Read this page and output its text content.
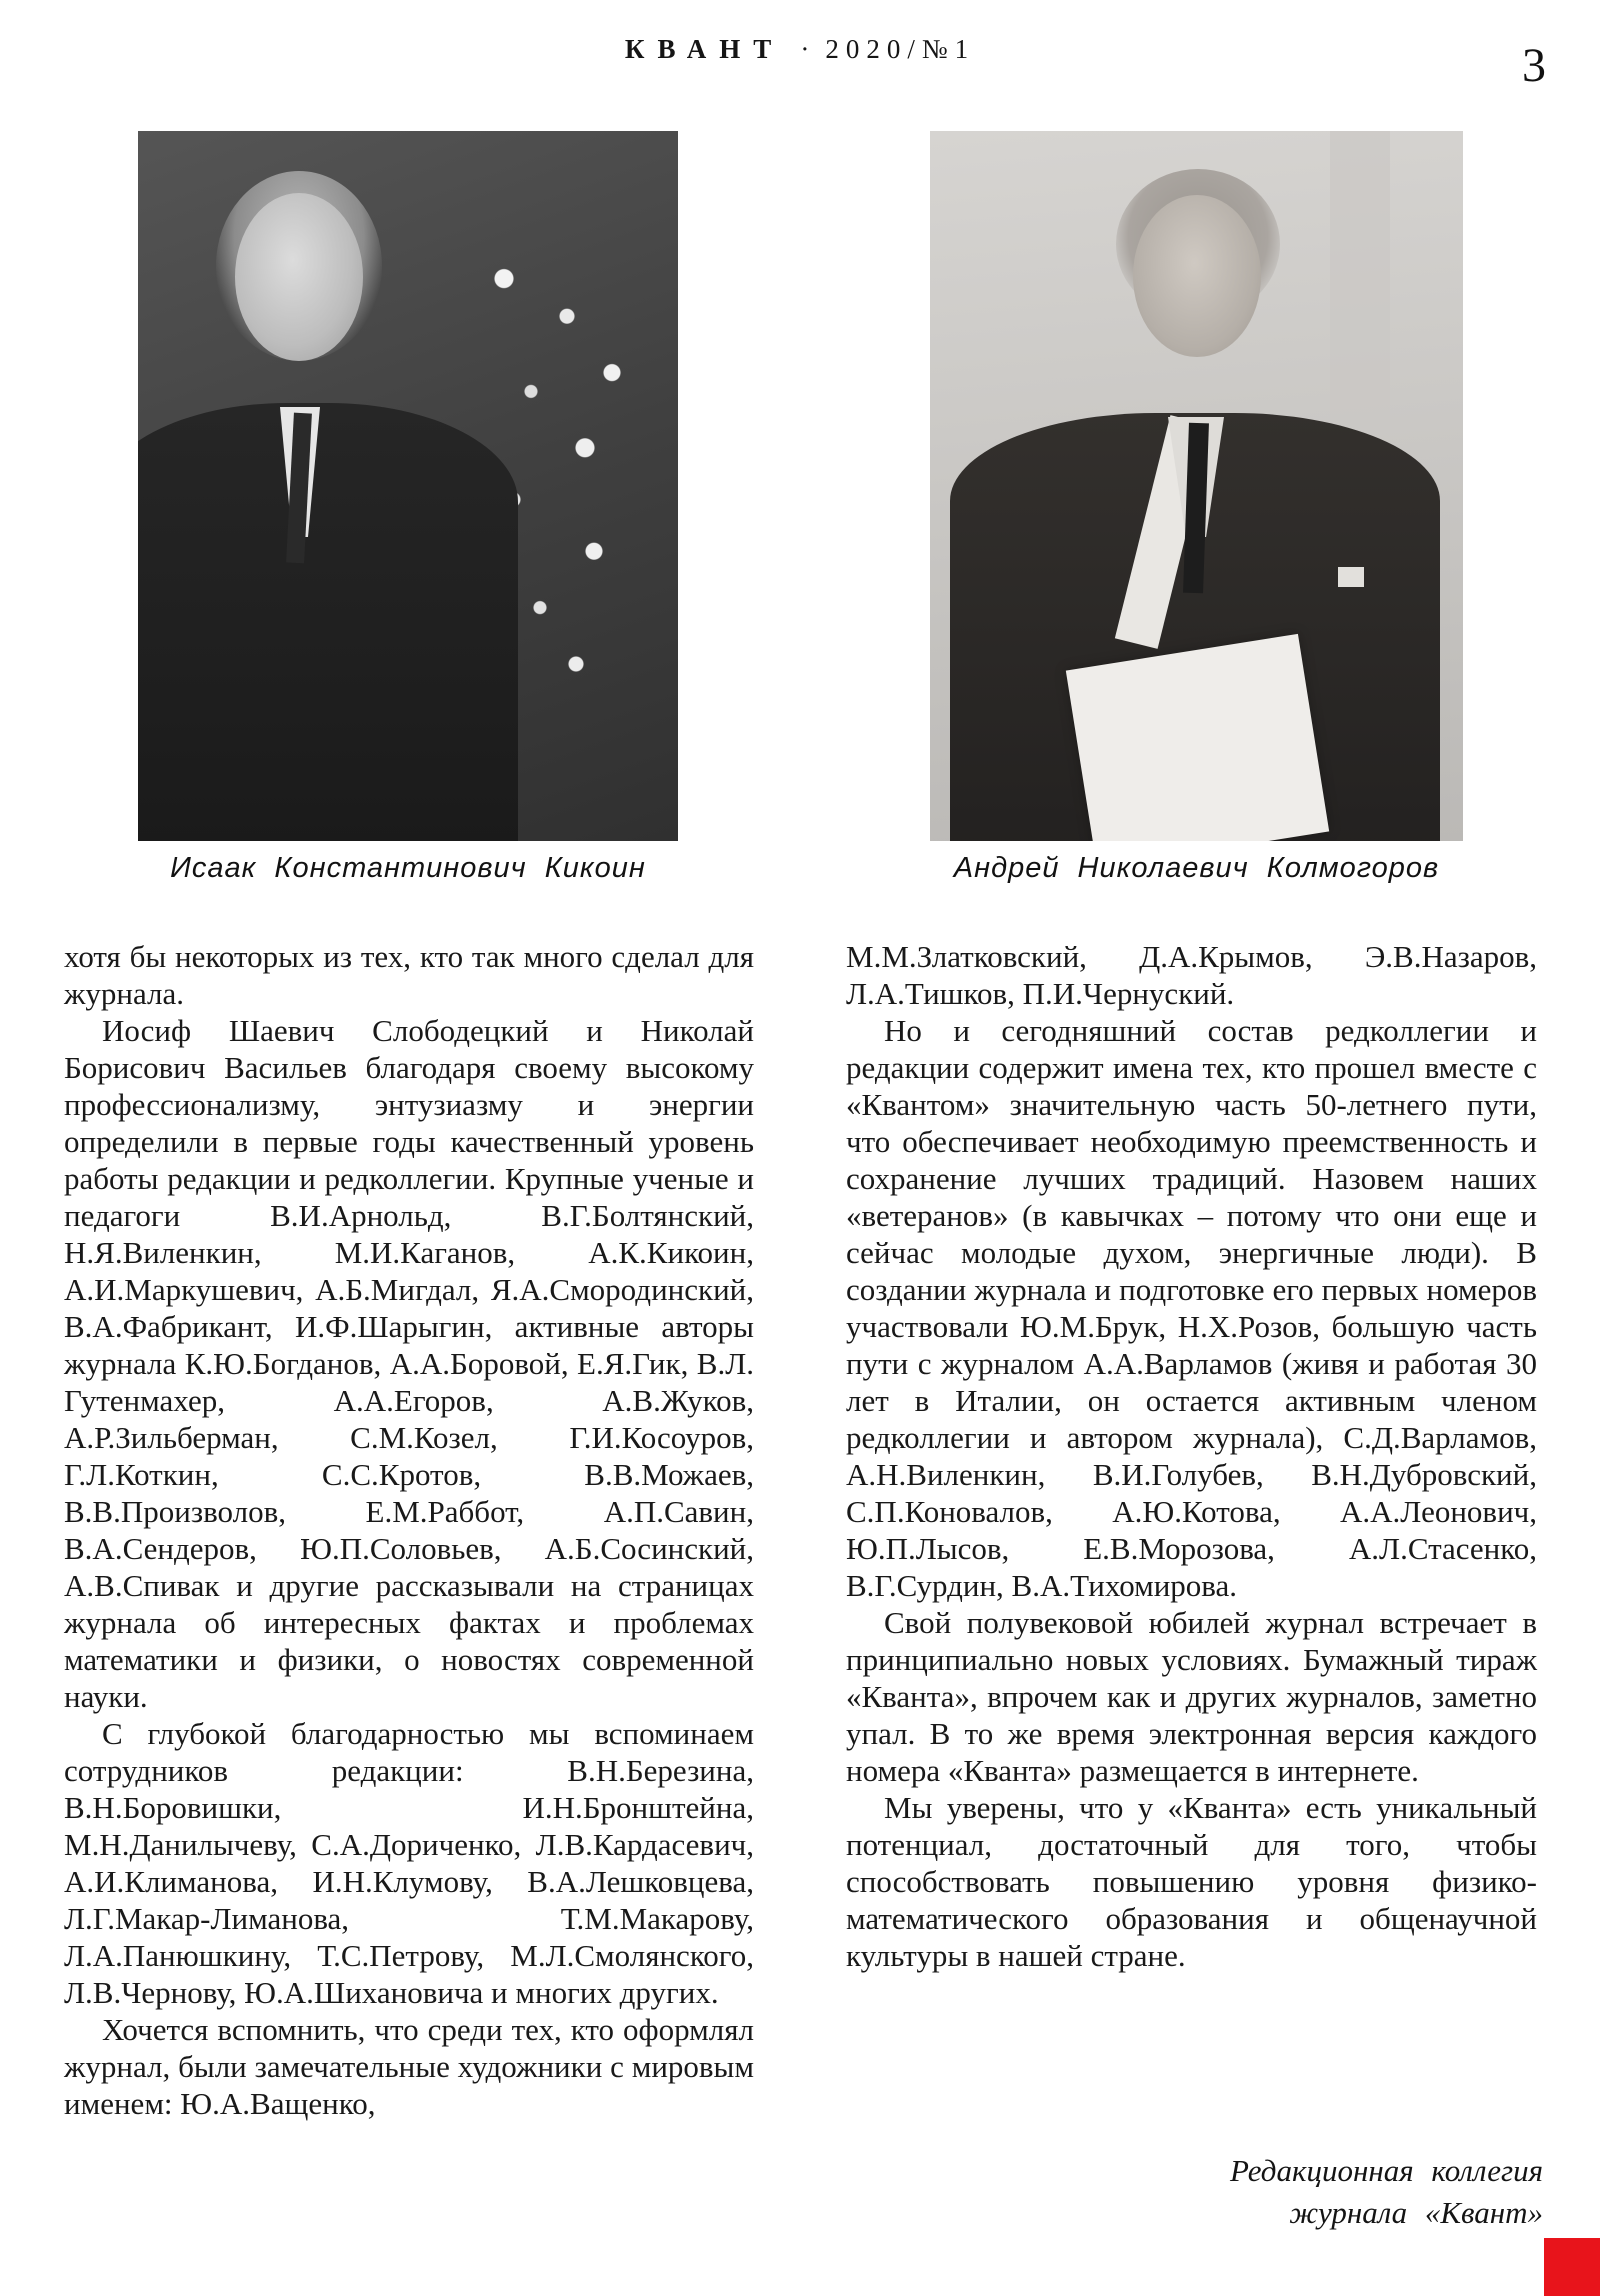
КВАНТ · 2020/№1	3
Исаак Константинович Кикоин	Андрей Николаевич Колмогоров

хотя бы некоторых из тех, кто так много сделал для журнала.

Иосиф Шаевич Слободецкий и Николай Борисович Васильев благодаря своему высокому профессионализму, энтузиазму и энергии определили в первые годы качественный уровень работы редакции и редколлегии. Крупные ученые и педагоги В.И.Арнольд, В.Г.Болтянский, Н.Я.Виленкин, М.И.Каганов, А.К.Кикоин, А.И.Маркушевич, А.Б.Мигдал, Я.А.Смородинский, В.А.Фабрикант, И.Ф.Шарыгин, активные авторы журнала К.Ю.Богданов, А.А.Боровой, Е.Я.Гик, В.Л. Гутенмахер, А.А.Егоров, А.В.Жуков, А.Р.Зильберман, С.М.Козел, Г.И.Косоуров, Г.Л.Коткин, С.С.Кротов, В.В.Можаев, В.В.Произволов, Е.М.Раббот, А.П.Савин, В.А.Сендеров, Ю.П.Соловьев, А.Б.Сосинский, А.В.Спивак и другие рассказывали на страницах журнала об интересных фактах и проблемах математики и физики, о новостях современной науки.

С глубокой благодарностью мы вспоминаем сотрудников редакции: В.Н.Березина, В.Н.Боровишки, И.Н.Бронштейна, М.Н.Данилычеву, С.А.Дориченко, Л.В.Кардасевич, А.И.Климанова, И.Н.Клумову, В.А.Лешковцева, Л.Г.Макар-Лиманова, Т.М.Макарову, Л.А.Панюшкину, Т.С.Петрову, М.Л.Смолянского, Л.В.Чернову, Ю.А.Шихановича и многих других.

Хочется вспомнить, что среди тех, кто оформлял журнал, были замечательные художники с мировым именем: Ю.А.Ващенко,

М.М.Златковский, Д.А.Крымов, Э.В.Назаров, Л.А.Тишков, П.И.Чернуский.

Но и сегодняшний состав редколлегии и редакции содержит имена тех, кто прошел вместе с «Квантом» значительную часть 50-летнего пути, что обеспечивает необходимую преемственность и сохранение лучших традиций. Назовем наших «ветеранов» (в кавычках – потому что они еще и сейчас молодые духом, энергичные люди). В создании журнала и подготовке его первых номеров участвовали Ю.М.Брук, Н.Х.Розов, большую часть пути с журналом А.А.Варламов (живя и работая 30 лет в Италии, он остается активным членом редколлегии и автором журнала), С.Д.Варламов, А.Н.Виленкин, В.И.Голубев, В.Н.Дубровский, С.П.Коновалов, А.Ю.Котова, А.А.Леонович, Ю.П.Лысов, Е.В.Морозова, А.Л.Стасенко, В.Г.Сурдин, В.А.Тихомирова.

Свой полувековой юбилей журнал встречает в принципиально новых условиях. Бумажный тираж «Кванта», впрочем как и других журналов, заметно упал. В то же время электронная версия каждого номера «Кванта» размещается в интернете.

Мы уверены, что у «Кванта» есть уникальный потенциал, достаточный для того, чтобы способствовать повышению уровня физико-математического образования и общенаучной культуры в нашей стране.

Редакционная коллегия
журнала «Квант»
